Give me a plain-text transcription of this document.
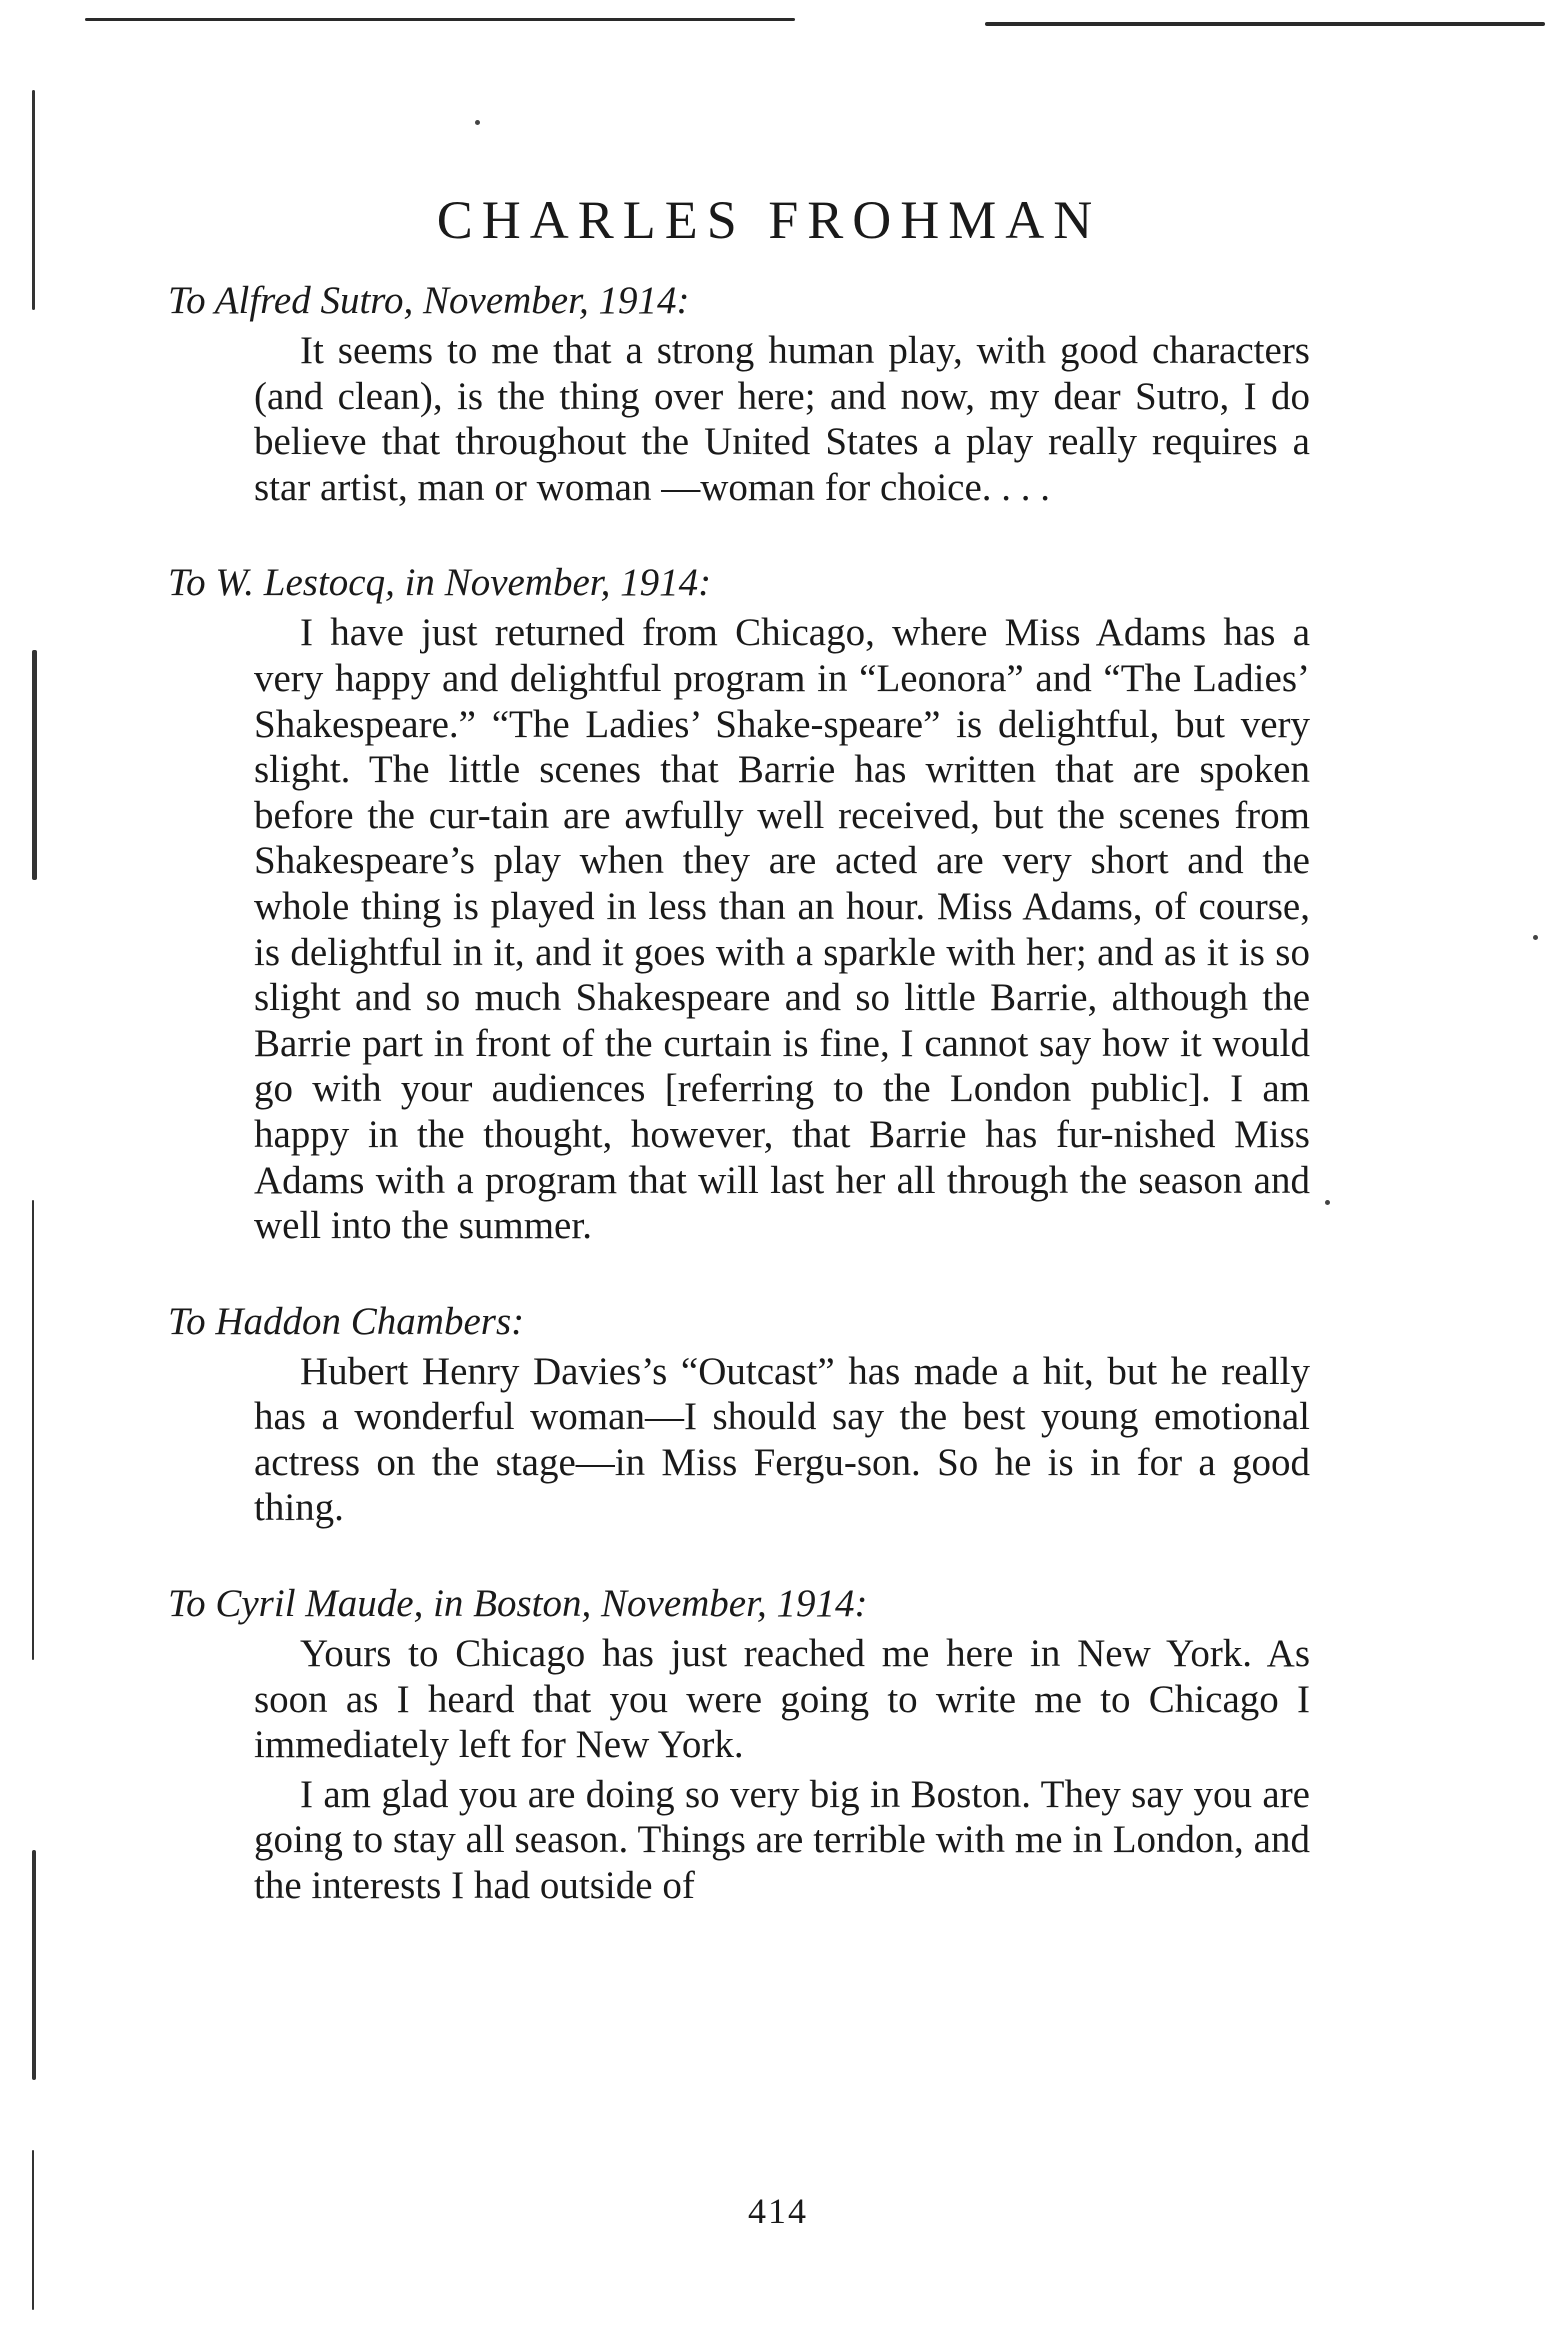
CHARLES FROHMAN

To Alfred Sutro, November, 1914:

It seems to me that a strong human play, with good characters (and clean), is the thing over here; and now, my dear Sutro, I do believe that throughout the United States a play really requires a star artist, man or woman —woman for choice. . . .

To W. Lestocq, in November, 1914:

I have just returned from Chicago, where Miss Adams has a very happy and delightful program in “Leonora” and “The Ladies’ Shakespeare.” “The Ladies’ Shake-speare” is delightful, but very slight. The little scenes that Barrie has written that are spoken before the cur-tain are awfully well received, but the scenes from Shakespeare’s play when they are acted are very short and the whole thing is played in less than an hour. Miss Adams, of course, is delightful in it, and it goes with a sparkle with her; and as it is so slight and so much Shakespeare and so little Barrie, although the Barrie part in front of the curtain is fine, I cannot say how it would go with your audiences [referring to the London public]. I am happy in the thought, however, that Barrie has fur-nished Miss Adams with a program that will last her all through the season and well into the summer.

To Haddon Chambers:

Hubert Henry Davies’s “Outcast” has made a hit, but he really has a wonderful woman—I should say the best young emotional actress on the stage—in Miss Fergu-son. So he is in for a good thing.

To Cyril Maude, in Boston, November, 1914:

Yours to Chicago has just reached me here in New York. As soon as I heard that you were going to write me to Chicago I immediately left for New York.

I am glad you are doing so very big in Boston. They say you are going to stay all season. Things are terrible with me in London, and the interests I had outside of

414
